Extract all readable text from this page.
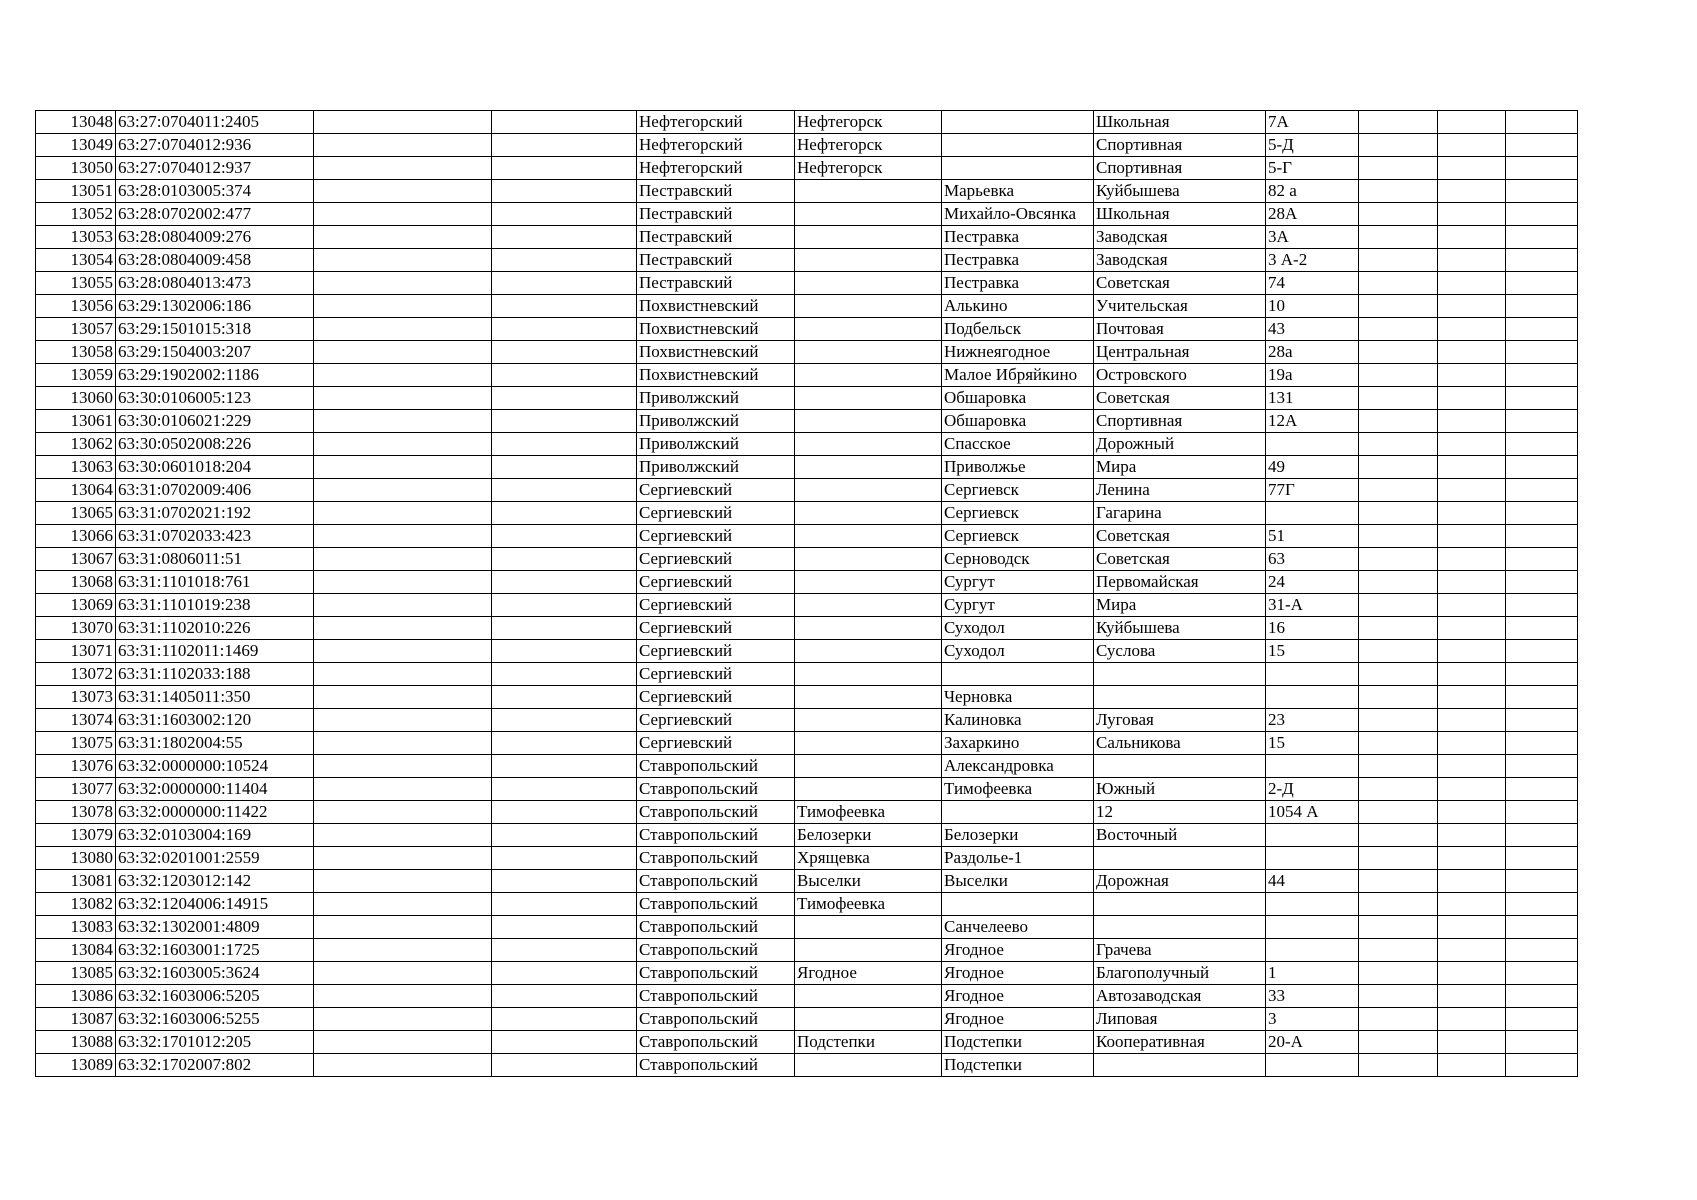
13048	63:27:0704011:2405			Нефтегорский	Нефтегорск		Школьная	7А			
13049	63:27:0704012:936			Нефтегорский	Нефтегорск		Спортивная	5-Д			
13050	63:27:0704012:937			Нефтегорский	Нефтегорск		Спортивная	5-Г			
13051	63:28:0103005:374			Пестравский		Марьевка	Куйбышева	82 а			
13052	63:28:0702002:477			Пестравский		Михайло-Овсянка	Школьная	28А			
13053	63:28:0804009:276			Пестравский		Пестравка	Заводская	3А			
13054	63:28:0804009:458			Пестравский		Пестравка	Заводская	3 А-2			
13055	63:28:0804013:473			Пестравский		Пестравка	Советская	74			
13056	63:29:1302006:186			Похвистневский		Алькино	Учительская	10			
13057	63:29:1501015:318			Похвистневский		Подбельск	Почтовая	43			
13058	63:29:1504003:207			Похвистневский		Нижнеягодное	Центральная	28а			
13059	63:29:1902002:1186			Похвистневский		Малое Ибряйкино	Островского	19а			
13060	63:30:0106005:123			Приволжский		Обшаровка	Советская	131			
13061	63:30:0106021:229			Приволжский		Обшаровка	Спортивная	12А			
13062	63:30:0502008:226			Приволжский		Спасское	Дорожный				
13063	63:30:0601018:204			Приволжский		Приволжье	Мира	49			
13064	63:31:0702009:406			Сергиевский		Сергиевск	Ленина	77Г			
13065	63:31:0702021:192			Сергиевский		Сергиевск	Гагарина				
13066	63:31:0702033:423			Сергиевский		Сергиевск	Советская	51			
13067	63:31:0806011:51			Сергиевский		Серноводск	Советская	63			
13068	63:31:1101018:761			Сергиевский		Сургут	Первомайская	24			
13069	63:31:1101019:238			Сергиевский		Сургут	Мира	31-А			
13070	63:31:1102010:226			Сергиевский		Суходол	Куйбышева	16			
13071	63:31:1102011:1469			Сергиевский		Суходол	Суслова	15			
13072	63:31:1102033:188			Сергиевский							
13073	63:31:1405011:350			Сергиевский		Черновка					
13074	63:31:1603002:120			Сергиевский		Калиновка	Луговая	23			
13075	63:31:1802004:55			Сергиевский		Захаркино	Сальникова	15			
13076	63:32:0000000:10524			Ставропольский		Александровка					
13077	63:32:0000000:11404			Ставропольский		Тимофеевка	Южный	2-Д			
13078	63:32:0000000:11422			Ставропольский	Тимофеевка		12	1054 А			
13079	63:32:0103004:169			Ставропольский	Белозерки	Белозерки	Восточный				
13080	63:32:0201001:2559			Ставропольский	Хрящевка	Раздолье-1					
13081	63:32:1203012:142			Ставропольский	Выселки	Выселки	Дорожная	44			
13082	63:32:1204006:14915			Ставропольский	Тимофеевка						
13083	63:32:1302001:4809			Ставропольский		Санчелеево					
13084	63:32:1603001:1725			Ставропольский		Ягодное	Грачева				
13085	63:32:1603005:3624			Ставропольский	Ягодное	Ягодное	Благополучный	1			
13086	63:32:1603006:5205			Ставропольский		Ягодное	Автозаводская	33			
13087	63:32:1603006:5255			Ставропольский		Ягодное	Липовая	3			
13088	63:32:1701012:205			Ставропольский	Подстепки	Подстепки	Кооперативная	20-А			
13089	63:32:1702007:802			Ставропольский		Подстепки					
